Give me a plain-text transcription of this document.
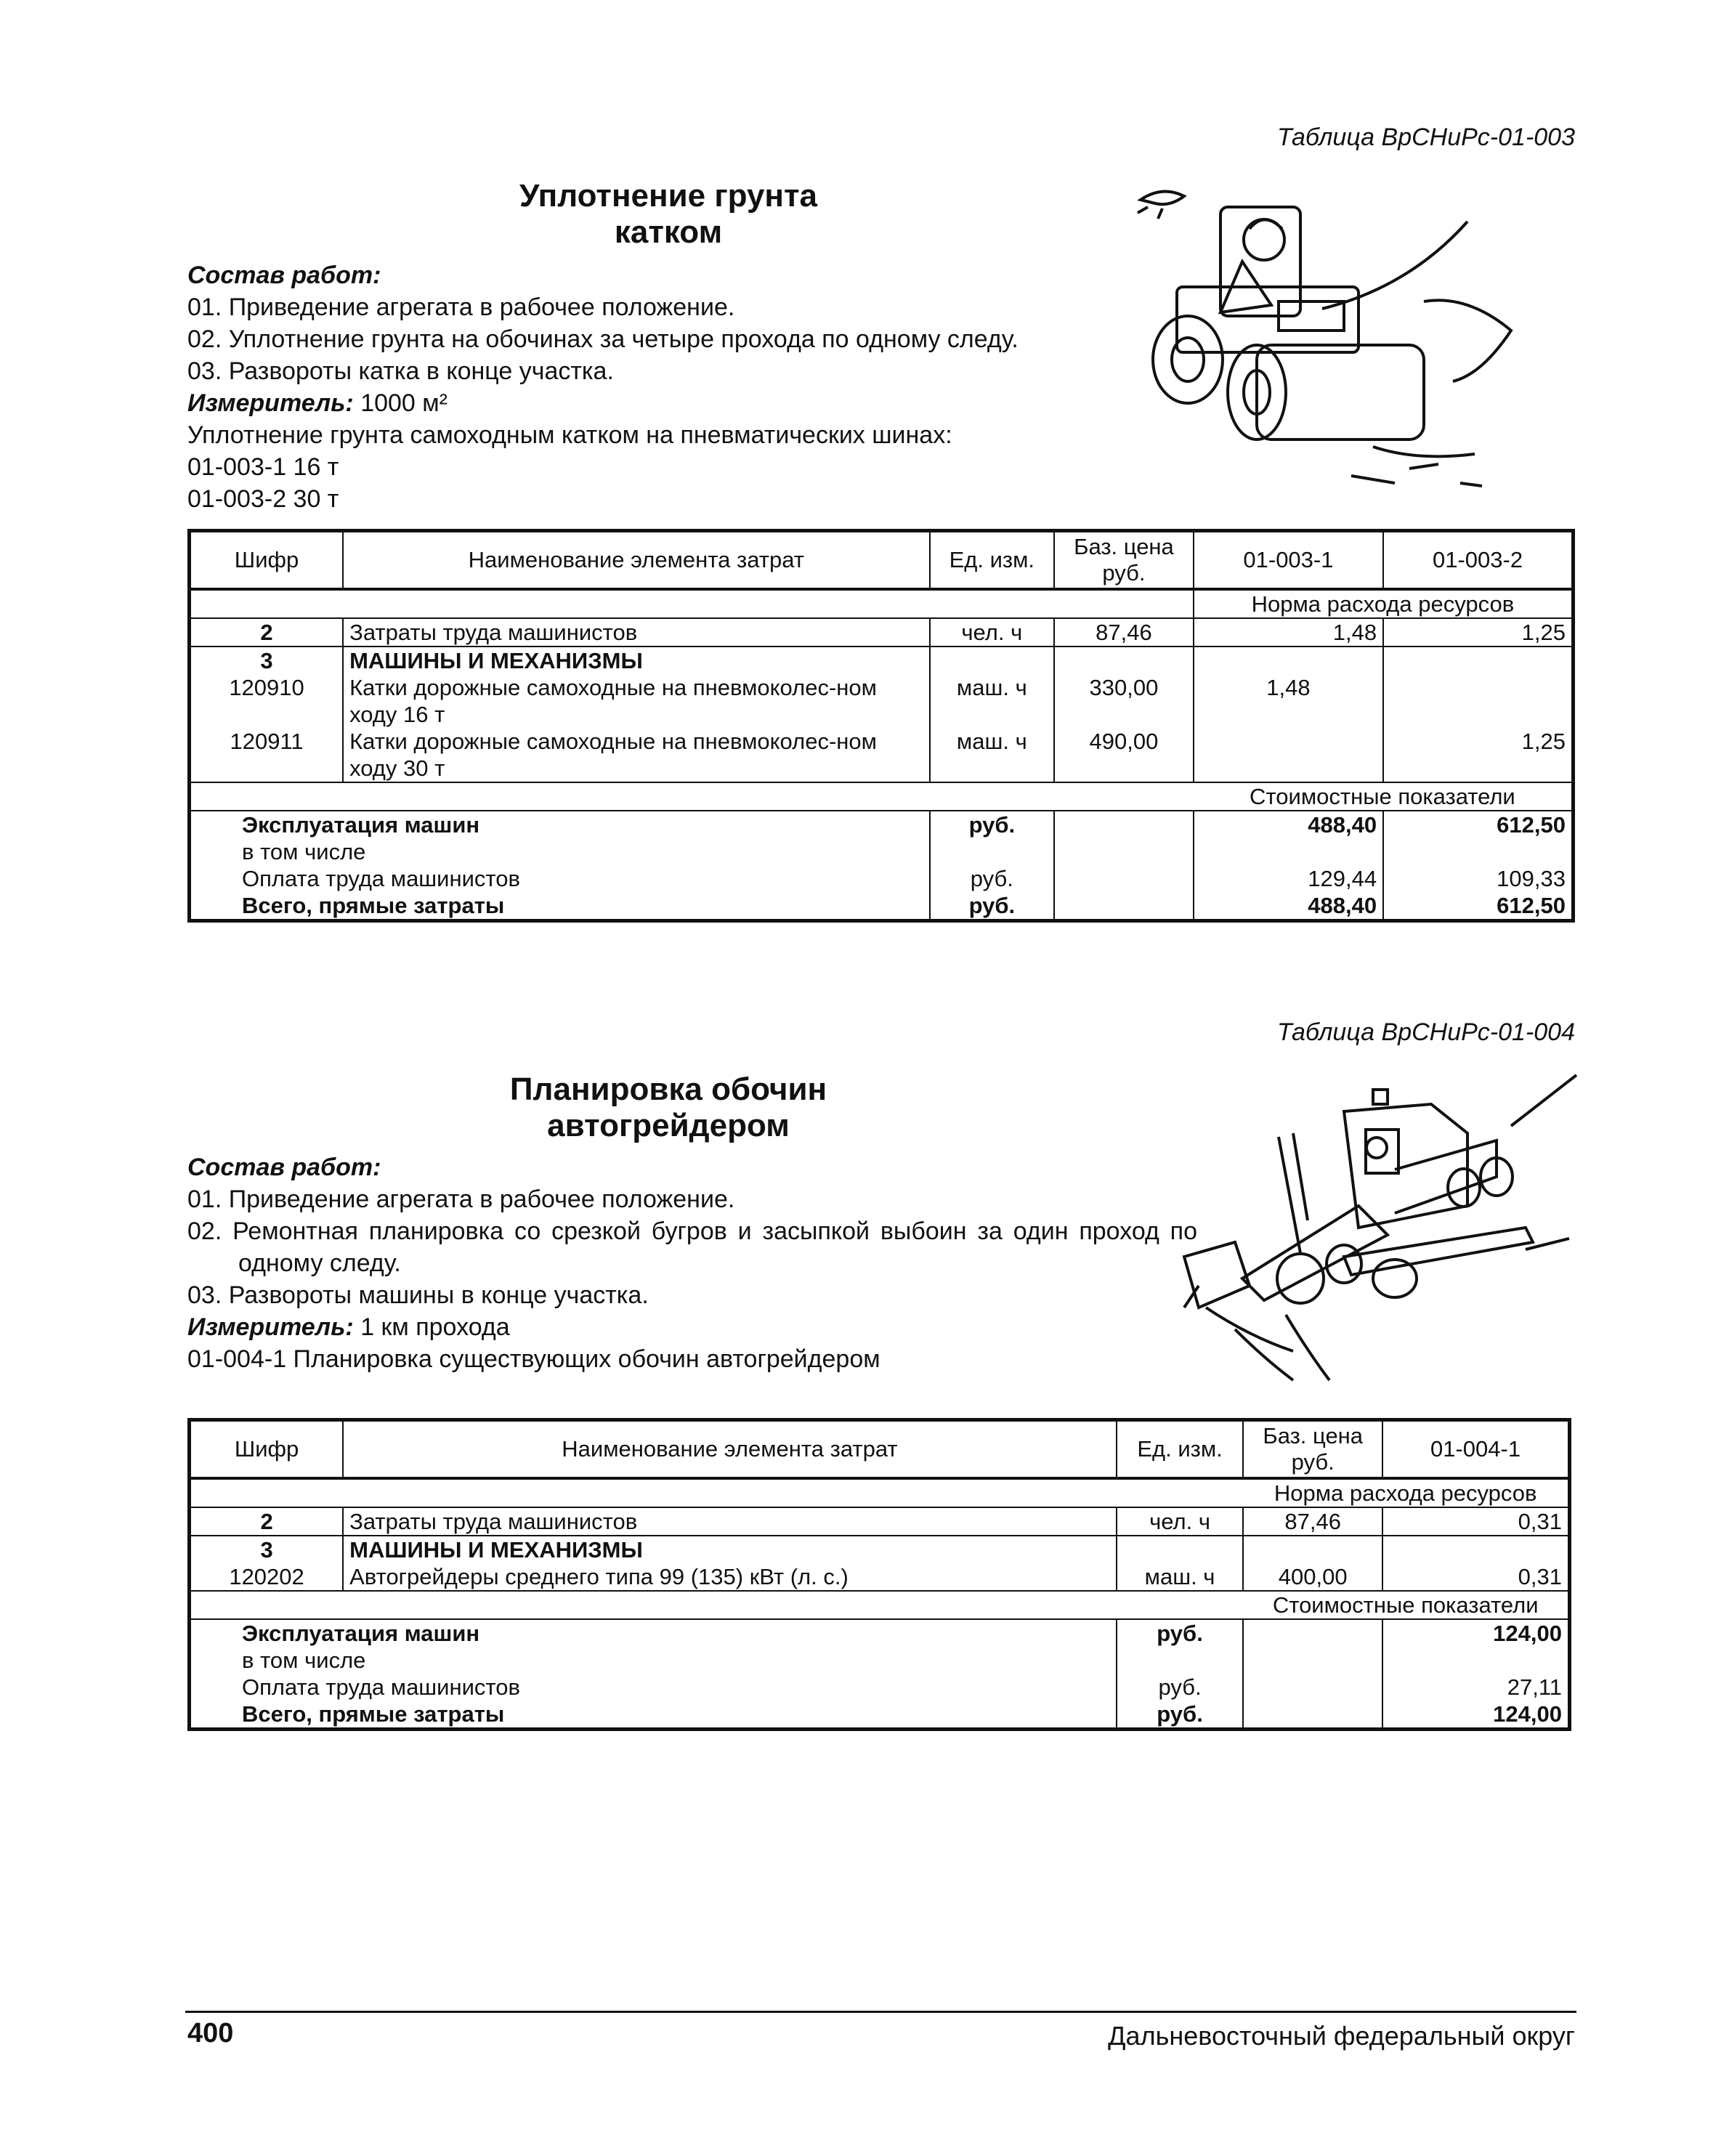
Таблица ВрСНиРс-01-003
Уплотнение грунта
катком
Состав работ:
01. Приведение агрегата в рабочее положение.
02. Уплотнение грунта на обочинах за четыре прохода по одному следу.
03. Развороты катка в конце участка.
Измеритель: 1000 м²
Уплотнение грунта самоходным катком на пневматических шинах:
01-003-1 16 т
01-003-2 30 т
Шифр	Наименование элемента затрат	Ед. изм.	Баз. цена руб.	01-003-1	01-003-2
				Норма расхода ресурсов	
2	Затраты труда машинистов	чел. ч	87,46	1,48	1,25
3	МАШИНЫ И МЕХАНИЗМЫ				
120910	Катки дорожные самоходные на пневмоколес-ном ходу 16 т	маш. ч	330,00	1,48	
120911	Катки дорожные самоходные на пневмоколес-ном ходу 30 т	маш. ч	490,00		1,25
				Стоимостные показатели	
Эксплуатация машин		руб.		488,40	612,50
в том числе					
Оплата труда машинистов		руб.		129,44	109,33
Всего, прямые затраты		руб.		488,40	612,50
Таблица ВрСНиРс-01-004
Планировка обочин
автогрейдером
Состав работ:
01. Приведение агрегата в рабочее положение.
02. Ремонтная планировка со срезкой бугров и засыпкой выбоин за один проход по одному следу.
03. Развороты машины в конце участка.
Измеритель: 1 км прохода
01-004-1 Планировка существующих обочин автогрейдером
Шифр	Наименование элемента затрат	Ед. изм.	Баз. цена руб.	01-004-1
			Норма расхода ресурсов	
2	Затраты труда машинистов	чел. ч	87,46	0,31
3	МАШИНЫ И МЕХАНИЗМЫ			
120202	Автогрейдеры среднего типа 99 (135) кВт (л. с.)	маш. ч	400,00	0,31
			Стоимостные показатели	
Эксплуатация машин		руб.		124,00
в том числе				
Оплата труда машинистов		руб.		27,11
Всего, прямые затраты		руб.		124,00
400	Дальневосточный федеральный округ
